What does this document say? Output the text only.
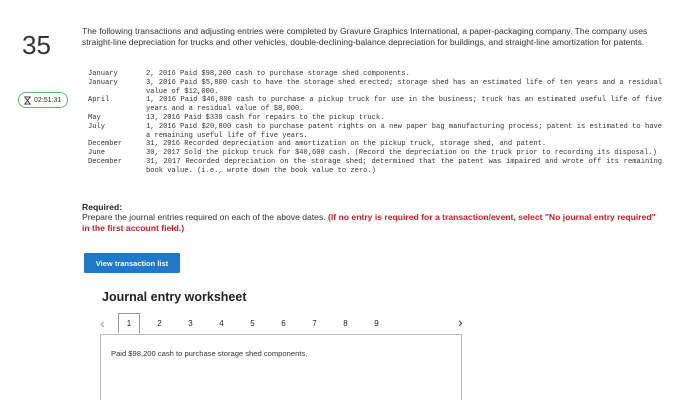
35
02:51:31
The following transactions and adjusting entries were completed by Gravure Graphics International, a paper-packaging company. The company uses straight-line depreciation for trucks and other vehicles, double-declining-balance depreciation for buildings, and straight-line amortization for patents.
January	2, 2016 Paid $98,200 cash to purchase storage shed components.
January	3, 2016 Paid $5,800 cash to have the storage shed erected; storage shed has an estimated life of ten years and a residual value of $12,000.
April	1, 2016 Paid $46,800 cash to purchase a pickup truck for use in the business; truck has an estimated useful life of five years and a residual value of $8,000.
May	13, 2016 Paid $330 cash for repairs to the pickup truck.
July	1, 2016 Paid $20,800 cash to purchase patent rights on a new paper bag manufacturing process; patent is estimated to have a remaining useful life of five years.
December	31, 2016 Recorded depreciation and amortization on the pickup truck, storage shed, and patent.
June	30, 2017 Sold the pickup truck for $40,600 cash. (Record the depreciation on the truck prior to recording its disposal.)
December	31, 2017 Recorded depreciation on the storage shed; determined that the patent was impaired and wrote off its remaining book value. (i.e., wrote down the book value to zero.)
Required:
Prepare the journal entries required on each of the above dates. (If no entry is required for a transaction/event, select "No journal entry required" in the first account field.)
View transaction list
Journal entry worksheet
‹	1	2	3	4	5	6	7	8	9	›
Paid $98,200 cash to purchase storage shed components.
